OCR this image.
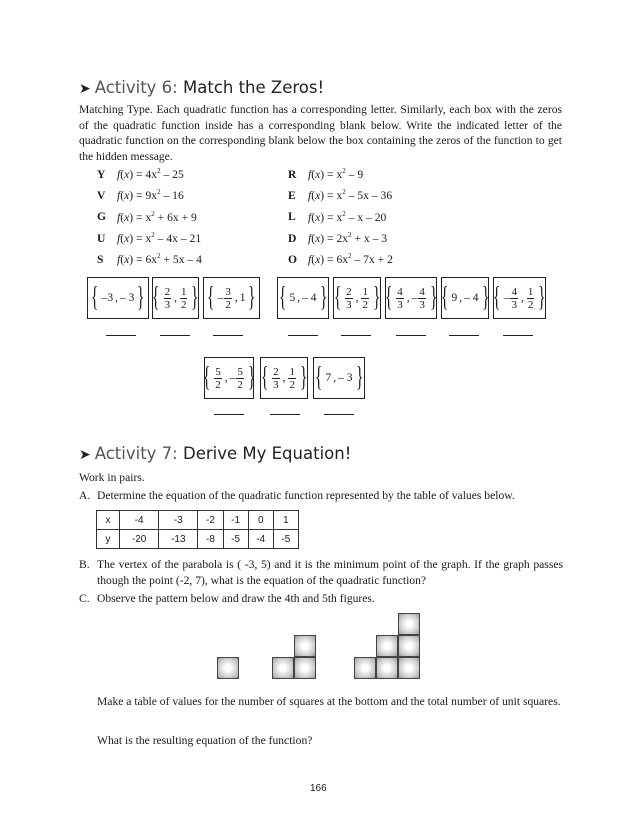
➤ Activity 6: Match the Zeros!
Matching Type. Each quadratic function has a corresponding letter. Similarly, each box with the zeros of the quadratic function inside has a corresponding blank below. Write the indicated letter of the quadratic function on the corresponding blank below the box containing the zeros of the function to get the hidden message.
Y $f(x) = 4x^2 - 25$
V $f(x) = 9x^2 - 16$
G $f(x) = x^2 + 6x + 9$
U $f(x) = x^2 - 4x - 21$
S $f(x) = 6x^2 + 5x - 4$
R $f(x) = x^2 - 9$
E $f(x) = x^2 - 5x - 36$
L $f(x) = x^2 - x - 20$
D $f(x) = 2x^2 + x - 3$
O $f(x) = 6x^2 - 7x + 2$
{ –3 , – 3 } { $\frac{2}{3}$ , $\frac{1}{2}$ } { – $\frac{3}{2}$ , 1 } { 5 , – 4 } { $\frac{2}{3}$ , $\frac{1}{2}$ } { $\frac{4}{3}$ , – $\frac{4}{3}$ } { 9 , – 4 } { – $\frac{4}{3}$ , $\frac{1}{2}$ }
{ $\frac{5}{2}$ , – $\frac{5}{2}$ } { $\frac{2}{3}$ , $\frac{1}{2}$ } { 7 , – 3 }
➤ Activity 7: Derive My Equation!
Work in pairs.
A. Determine the equation of the quadratic function represented by the table of values below.
x	-4	-3	-2	-1	0	1
y	-20	-13	-8	-5	-4	-5
B. The vertex of the parabola is ( -3, 5) and it is the minimum point of the graph. If the graph passes though the point (-2, 7), what is the equation of the quadratic function?
C. Observe the pattern below and draw the 4th and 5th figures.
Make a table of values for the number of squares at the bottom and the total number of unit squares.
What is the resulting equation of the function?
166
